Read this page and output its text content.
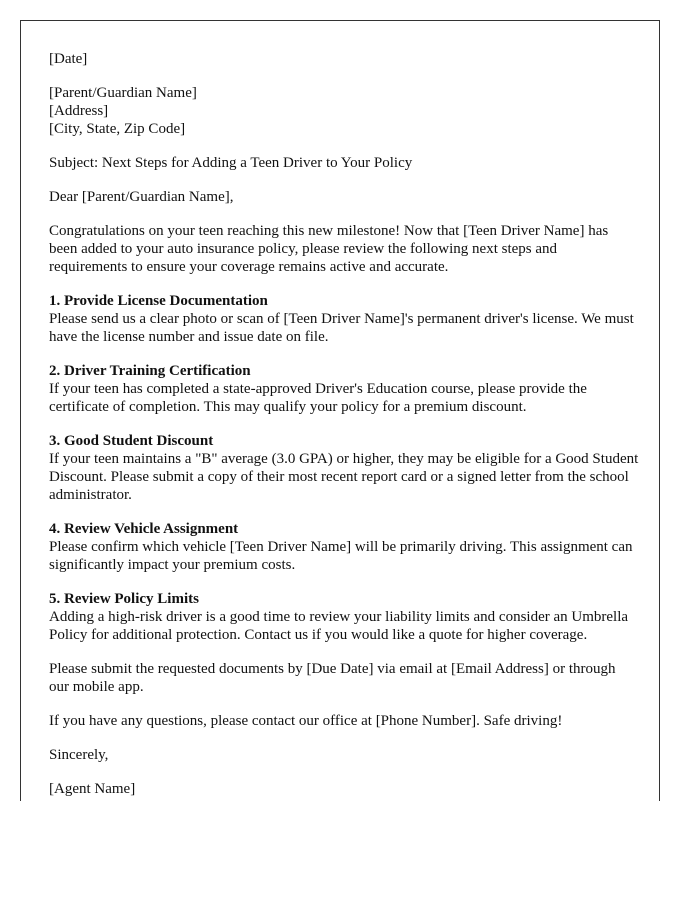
[Date]

[Parent/Guardian Name]
[Address]
[City, State, Zip Code]

Subject: Next Steps for Adding a Teen Driver to Your Policy

Dear [Parent/Guardian Name],

Congratulations on your teen reaching this new milestone! Now that [Teen Driver Name] has been added to your auto insurance policy, please review the following next steps and requirements to ensure your coverage remains active and accurate.

1. Provide License Documentation
Please send us a clear photo or scan of [Teen Driver Name]'s permanent driver's license. We must have the license number and issue date on file.

2. Driver Training Certification
If your teen has completed a state-approved Driver's Education course, please provide the certificate of completion. This may qualify your policy for a premium discount.

3. Good Student Discount
If your teen maintains a "B" average (3.0 GPA) or higher, they may be eligible for a Good Student Discount. Please submit a copy of their most recent report card or a signed letter from the school administrator.

4. Review Vehicle Assignment
Please confirm which vehicle [Teen Driver Name] will be primarily driving. This assignment can significantly impact your premium costs.

5. Review Policy Limits
Adding a high-risk driver is a good time to review your liability limits and consider an Umbrella Policy for additional protection. Contact us if you would like a quote for higher coverage.

Please submit the requested documents by [Due Date] via email at [Email Address] or through our mobile app.

If you have any questions, please contact our office at [Phone Number]. Safe driving!

Sincerely,

[Agent Name]
